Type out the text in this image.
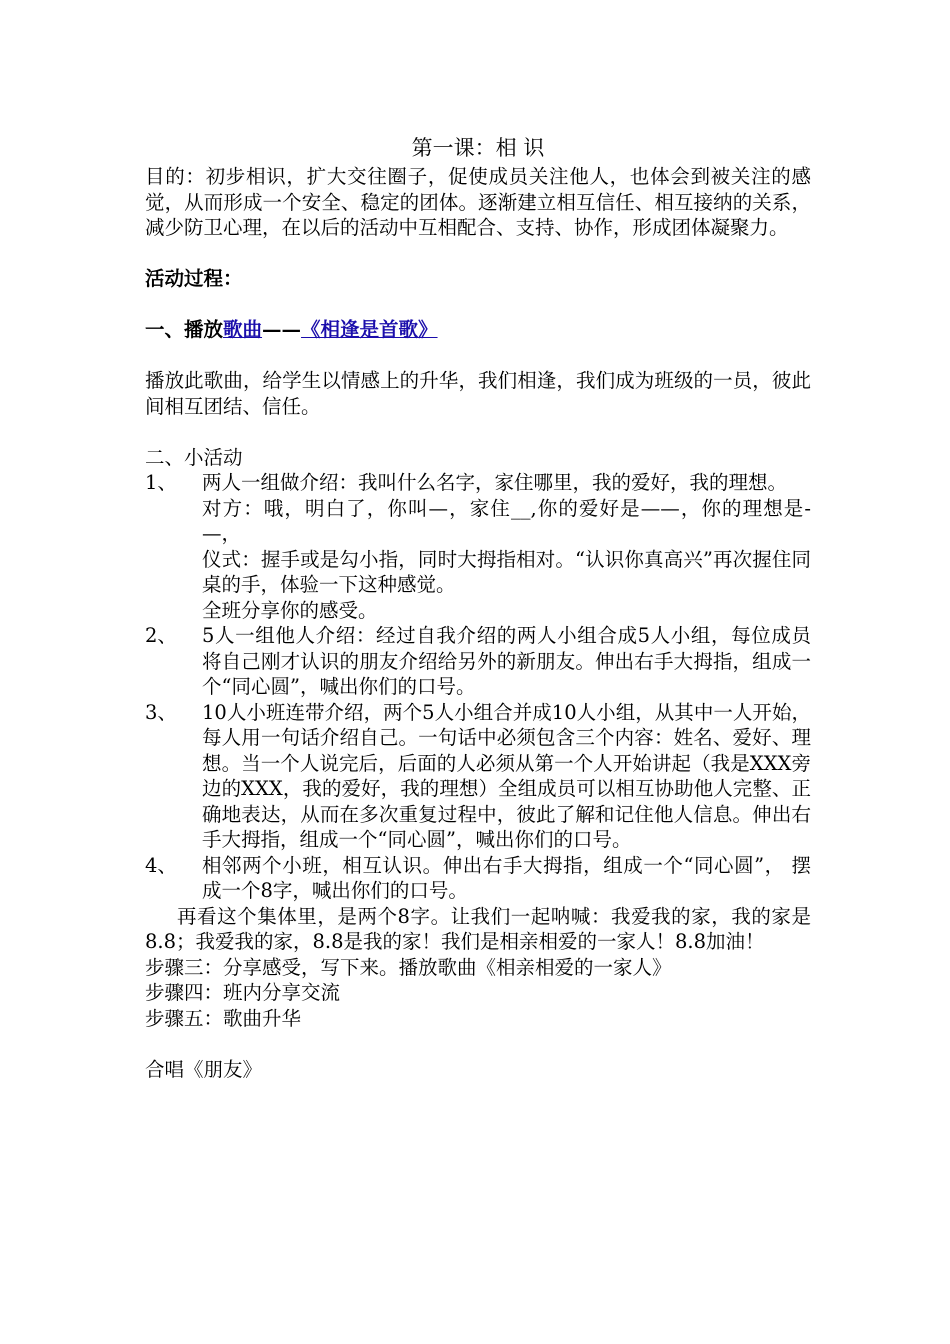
第一课：相 识

目的：初步相识，扩大交往圈子，促使成员关注他人，也体会到被关注的感觉，从而形成一个安全、稳定的团体。逐渐建立相互信任、相互接纳的关系，减少防卫心理，在以后的活动中互相配合、支持、协作，形成团体凝聚力。

活动过程：

一、播放歌曲——《相逢是首歌》

播放此歌曲，给学生以情感上的升华，我们相逢，我们成为班级的一员，彼此间相互团结、信任。

二、小活动

1、	两人一组做介绍：我叫什么名字，家住哪里，我的爱好，我的理想。

对方：哦，明白了，你叫—，家住__,你的爱好是——，你的理想是-—，

仪式：握手或是勾小指，同时大拇指相对。“认识你真高兴”再次握住同桌的手，体验一下这种感觉。

全班分享你的感受。

2、	5人一组他人介绍：经过自我介绍的两人小组合成5人小组，每位成员将自己刚才认识的朋友介绍给另外的新朋友。伸出右手大拇指，组成一个“同心圆”，喊出你们的口号。

3、	10人小班连带介绍，两个5人小组合并成10人小组，从其中一人开始，每人用一句话介绍自己。一句话中必须包含三个内容：姓名、爱好、理想。当一个人说完后，后面的人必须从第一个人开始讲起（我是XXX旁边的XXX，我的爱好，我的理想）全组成员可以相互协助他人完整、正确地表达，从而在多次重复过程中，彼此了解和记住他人信息。伸出右手大拇指，组成一个“同心圆”，喊出你们的口号。

4、	相邻两个小班，相互认识。伸出右手大拇指，组成一个“同心圆”， 摆成一个8字，喊出你们的口号。

再看这个集体里，是两个8字。让我们一起呐喊：我爱我的家，我的家是8.8；我爱我的家，8.8是我的家！我们是相亲相爱的一家人！8.8加油！

步骤三：分享感受，写下来。播放歌曲《相亲相爱的一家人》

步骤四：班内分享交流

步骤五：歌曲升华

合唱《朋友》
